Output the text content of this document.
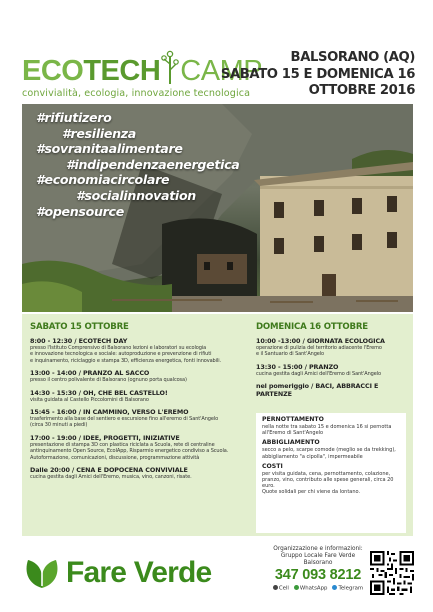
ECO TECH CAMP
convivialità, ecologia, innovazione tecnologica
BALSORANO (AQ)
SABATO 15 E DOMENICA 16
OTTOBRE 2016
#rifiutizero
#resilienza
#sovranitaalimentare
#indipendenzaenergetica
#economiacircolare
#socialinnovation
#opensource
SABATO 15 OTTOBRE
8:00 - 12:30 / ECOTECH DAY
presso l'Istituto Comprensivo di Balsorano lezioni e laboratori su ecologia
e innovazione tecnologica e sociale: autoproduzione e prevenzione di rifiuti
e inquinamento, riciclaggio e stampa 3D, efficienza energetica, fonti innovabili.
13:00 - 14:00 / PRANZO AL SACCO
presso il centro polivalente di Balsorano (ognuno porta qualcosa)
14:30 - 15:30 / OH, CHE BEL CASTELLO!
visita guidata al Castello Piccolomini di Balsorano
15:45 - 16:00 / IN CAMMINO, VERSO L'EREMO
trasferimento alla base del sentiero e escursione fino all'eremo di Sant'Angelo
(circa 30 minuti a piedi)
17:00 - 19:00 / IDEE, PROGETTI, INIZIATIVE
presentazione di stampa 3D con plastica riciclata a Scuola, rete di centraline
antinquinamento Open Source, EcoIApp, Risparmio energetico condiviso a Scuola.
Autoformazione, comunicazioni, discussione, programmazione attività
Dalle 20:00 / CENA E DOPOCENA CONVIVIALE
cucina gestita dagli Amici dell'Eremo, musica, vino, canzoni, risate.
DOMENICA 16 OTTOBRE
10:00 -13:00 / GIORNATA ECOLOGICA
operazione di pulizia del territorio adiacente l'Eremo
e il Santuario di Sant'Angelo
13:30 - 15:00 / PRANZO
cucina gestita dagli Amici dell'Eremo di Sant'Angelo
nel pomeriggio / BACI, ABBRACCI E PARTENZE
PERNOTTAMENTO
nella notte tra sabato 15 e domenica 16 si pernotta
all'Eremo di Sant'Angelo
ABBIGLIAMENTO
secco a pelo, scarpe comode (meglio se da trekking),
abbigliamento "a cipolla", impermeabile
COSTI
per visita guidata, cena, pernottamento, colazione,
pranzo, vino, contributo alle spese generali, circa 20 euro.
Quote solidali per chi viene da lontano.
Fare Verde
Organizzazione e informazioni:
Gruppo Locale Fare Verde Balsorano
347 093 8212
Cell	WhatsApp	Telegram
